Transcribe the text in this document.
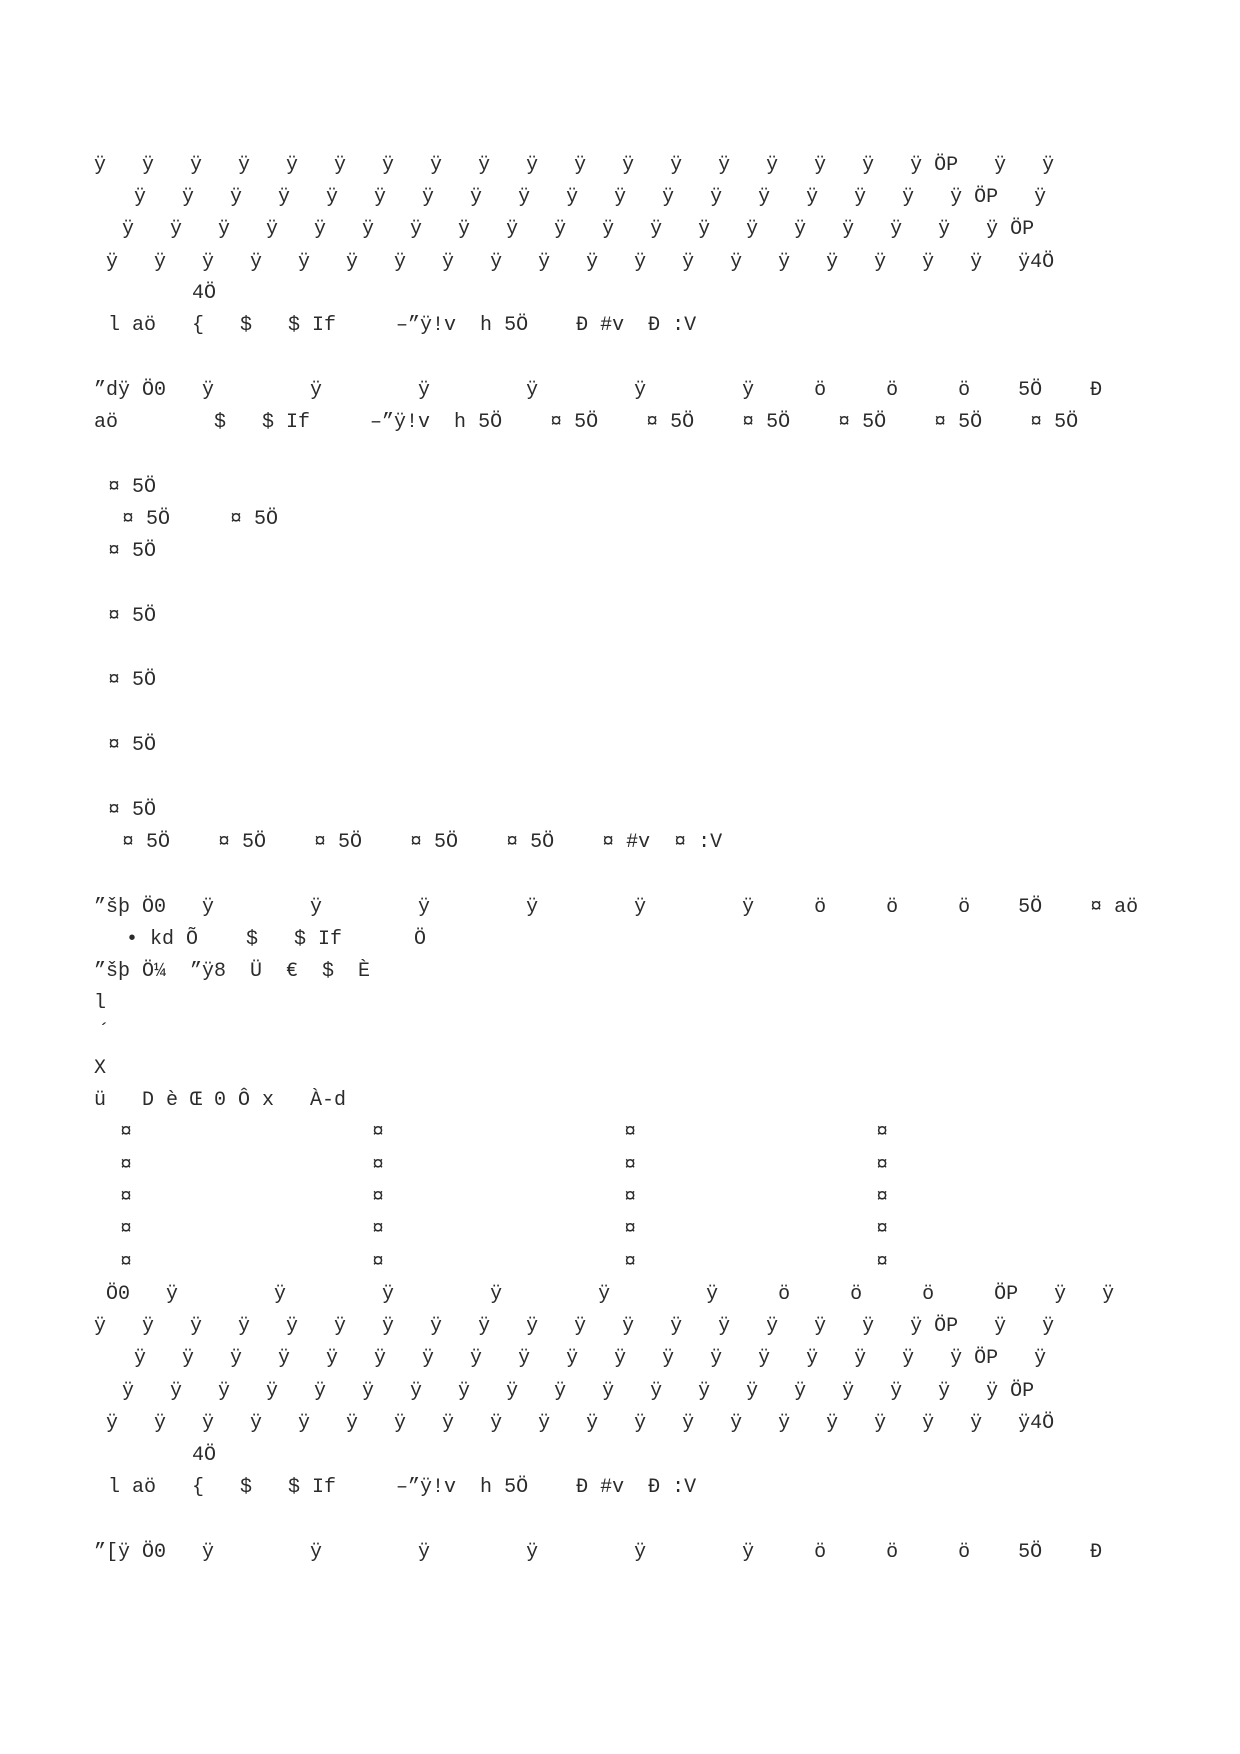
ÿ   ÿ   ÿ   ÿ   ÿ   ÿ   ÿ   ÿ   ÿ   ÿ   ÿ   ÿ   ÿ   ÿ   ÿ   ÿ   ÿ   ÿ ÖP   ÿ   ÿ

ÿ   ÿ   ÿ   ÿ   ÿ   ÿ   ÿ   ÿ   ÿ   ÿ   ÿ   ÿ   ÿ   ÿ   ÿ   ÿ   ÿ   ÿ ÖP   ÿ

ÿ   ÿ   ÿ   ÿ   ÿ   ÿ   ÿ   ÿ   ÿ   ÿ   ÿ   ÿ   ÿ   ÿ   ÿ   ÿ   ÿ   ÿ   ÿ ÖP

ÿ   ÿ   ÿ   ÿ   ÿ   ÿ   ÿ   ÿ   ÿ   ÿ   ÿ   ÿ   ÿ   ÿ   ÿ   ÿ   ÿ   ÿ   ÿ   ÿ4Ö

4Ö

l aö   {   $   $ If     –”ÿ!v  h 5Ö    Ð #v  Ð :V

”dÿ Ö0   ÿ        ÿ        ÿ        ÿ        ÿ        ÿ     ö     ö     ö    5Ö    Ð

aö        $   $ If     –”ÿ!v  h 5Ö    ¤ 5Ö    ¤ 5Ö    ¤ 5Ö    ¤ 5Ö    ¤ 5Ö    ¤ 5Ö

¤ 5Ö

¤ 5Ö     ¤ 5Ö

¤ 5Ö

¤ 5Ö

¤ 5Ö

¤ 5Ö

¤ 5Ö

¤ 5Ö    ¤ 5Ö    ¤ 5Ö    ¤ 5Ö    ¤ 5Ö    ¤ #v  ¤ :V

”šþ Ö0   ÿ        ÿ        ÿ        ÿ        ÿ        ÿ     ö     ö     ö    5Ö    ¤ aö

• kd Õ    $   $ If      Ö

”šþ Ö¼  ”ÿ8  Ü  €  $  È

l

´

X

ü   D è Œ 0 Ô x   À-d

¤                    ¤                    ¤                    ¤

¤                    ¤                    ¤                    ¤

¤                    ¤                    ¤                    ¤

¤                    ¤                    ¤                    ¤

¤                    ¤                    ¤                    ¤

Ö0   ÿ        ÿ        ÿ        ÿ        ÿ        ÿ     ö     ö     ö     ÖP   ÿ   ÿ

ÿ   ÿ   ÿ   ÿ   ÿ   ÿ   ÿ   ÿ   ÿ   ÿ   ÿ   ÿ   ÿ   ÿ   ÿ   ÿ   ÿ   ÿ ÖP   ÿ   ÿ

ÿ   ÿ   ÿ   ÿ   ÿ   ÿ   ÿ   ÿ   ÿ   ÿ   ÿ   ÿ   ÿ   ÿ   ÿ   ÿ   ÿ   ÿ ÖP   ÿ

ÿ   ÿ   ÿ   ÿ   ÿ   ÿ   ÿ   ÿ   ÿ   ÿ   ÿ   ÿ   ÿ   ÿ   ÿ   ÿ   ÿ   ÿ   ÿ ÖP

ÿ   ÿ   ÿ   ÿ   ÿ   ÿ   ÿ   ÿ   ÿ   ÿ   ÿ   ÿ   ÿ   ÿ   ÿ   ÿ   ÿ   ÿ   ÿ   ÿ4Ö

4Ö

l aö   {   $   $ If     –”ÿ!v  h 5Ö    Ð #v  Ð :V

”[ÿ Ö0   ÿ        ÿ        ÿ        ÿ        ÿ        ÿ     ö     ö     ö    5Ö    Ð
